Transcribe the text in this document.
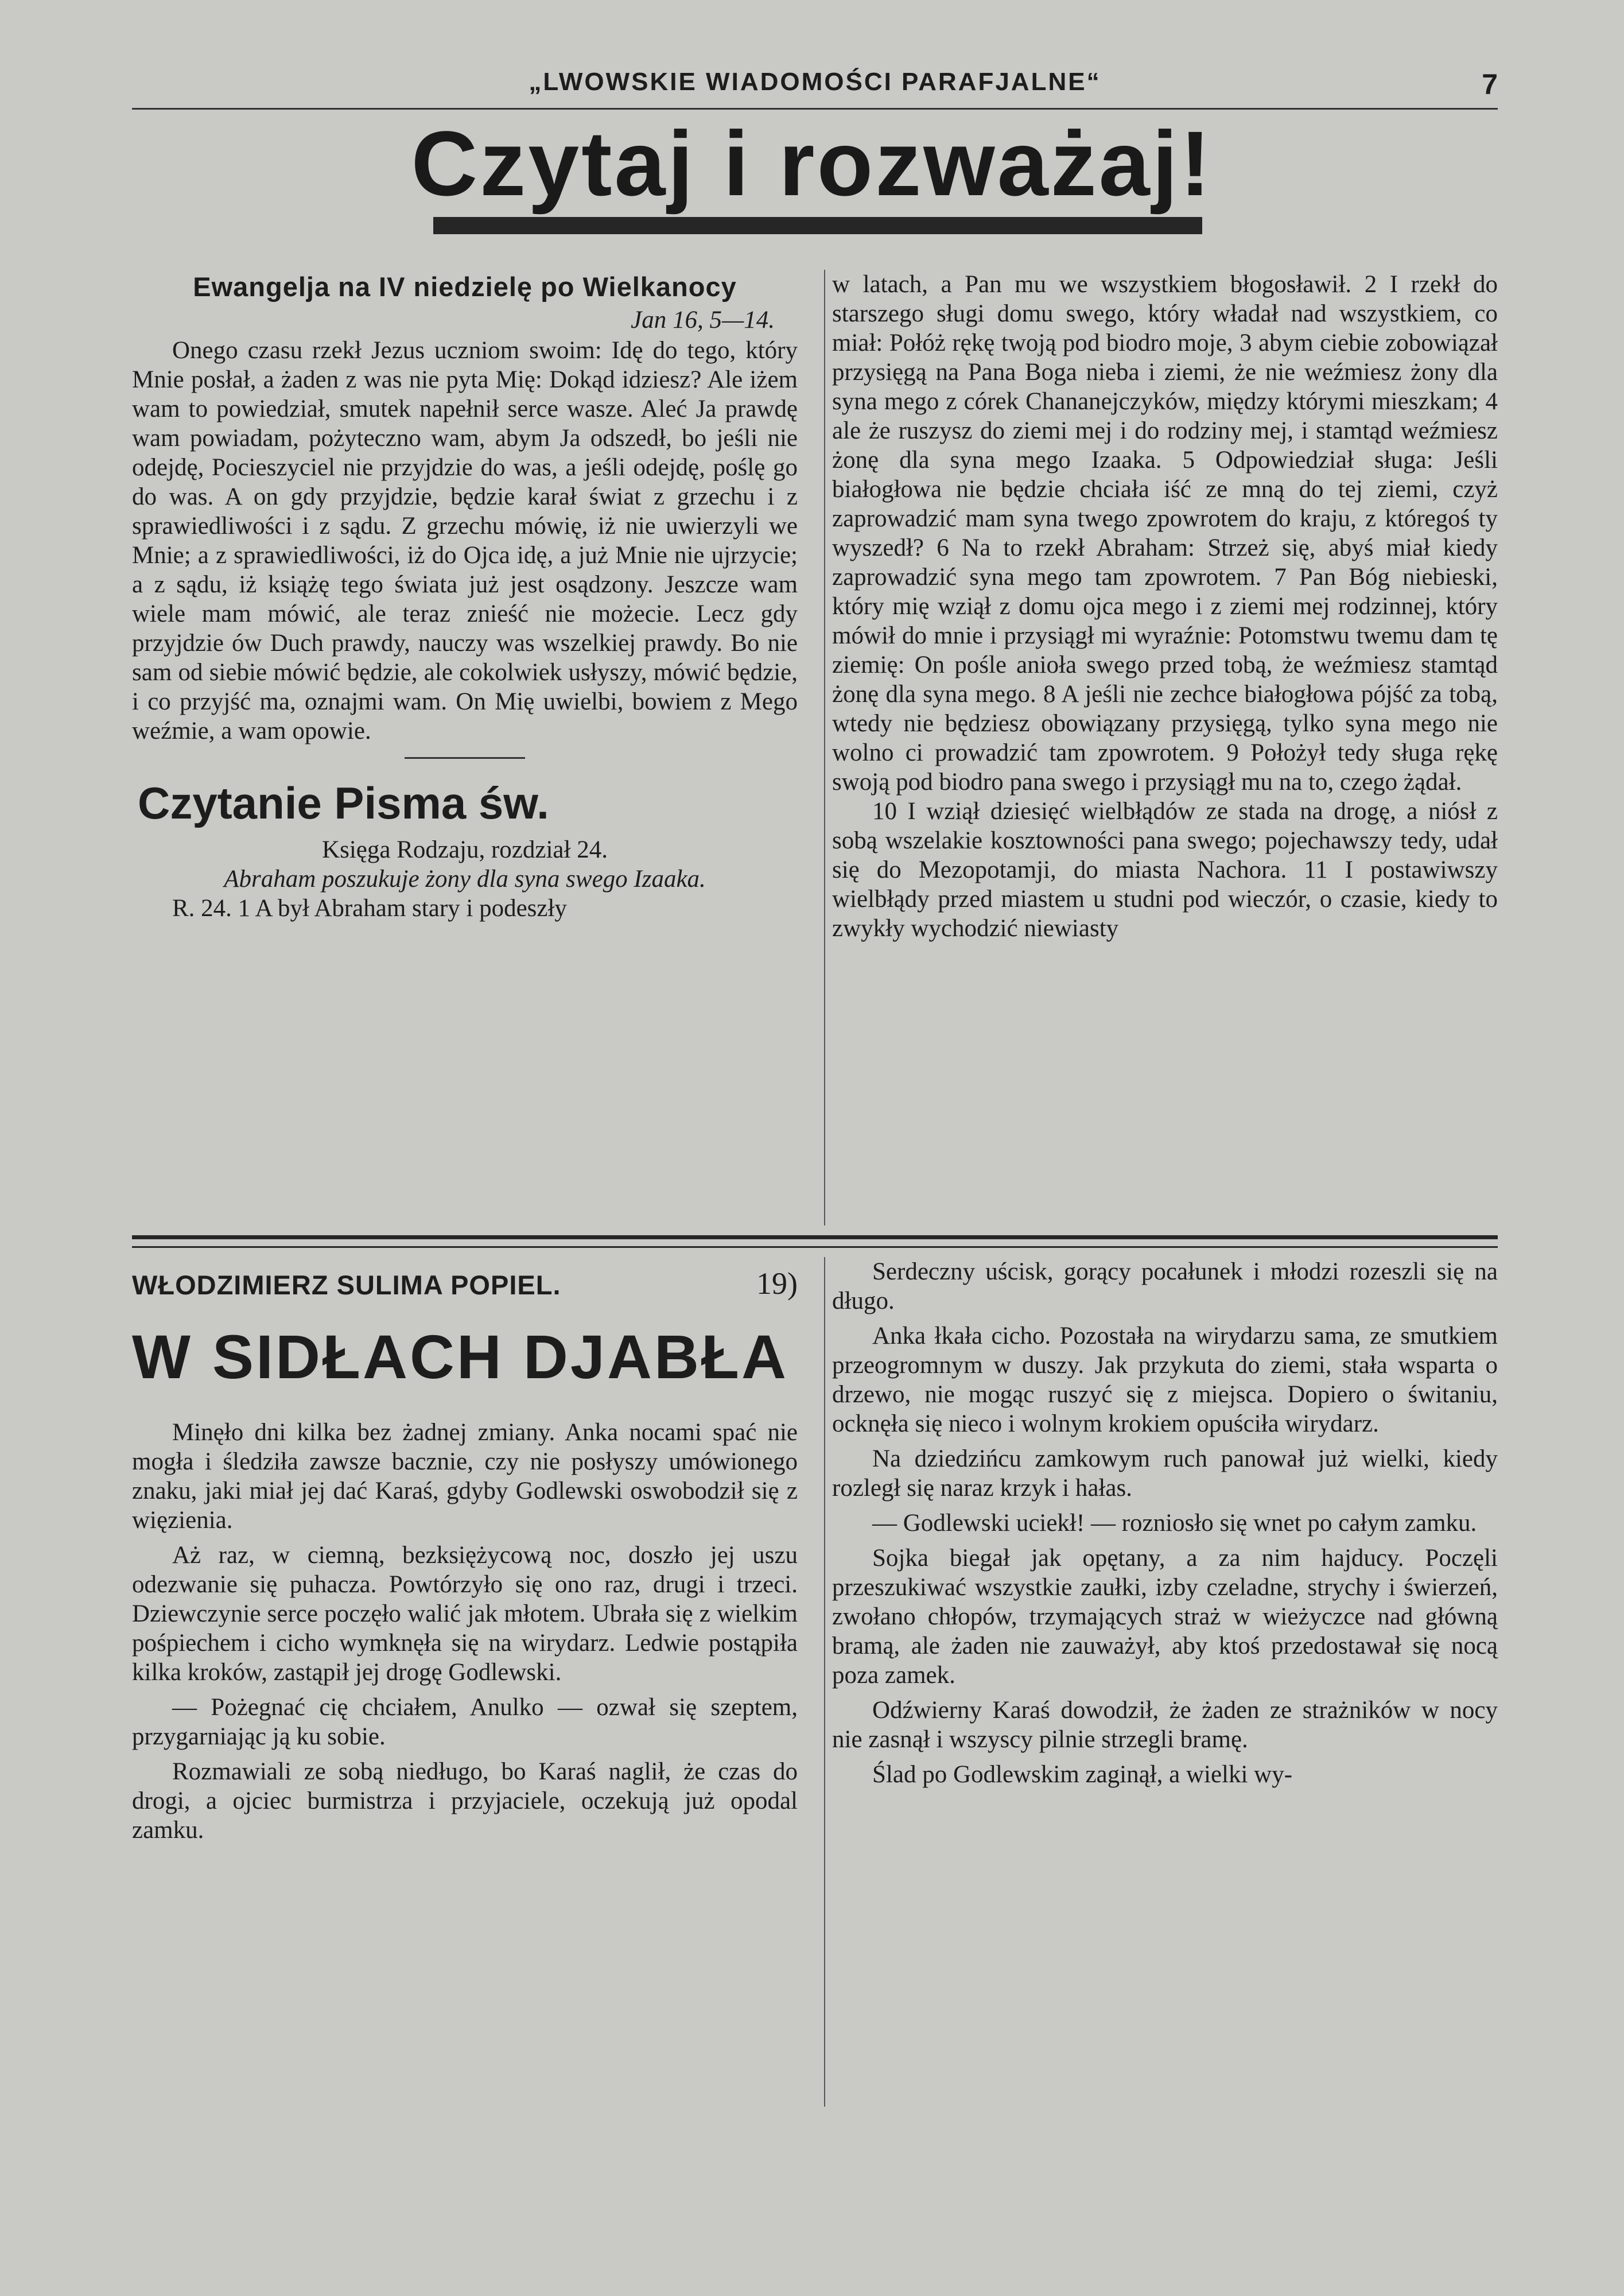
„LWOWSKIE WIADOMOŚCI PARAFJALNE“	7
Czytaj i rozważaj!
Ewangelja na IV niedzielę po Wielkanocy
Jan 16, 5—14.

Onego czasu rzekł Jezus uczniom swoim: Idę do tego, który Mnie posłał, a żaden z was nie pyta Mię: Dokąd idziesz? Ale iżem wam to powiedział, smutek napełnił serce wasze. Aleć Ja prawdę wam powiadam, pożyteczno wam, abym Ja odszedł, bo jeśli nie odejdę, Pocieszyciel nie przyjdzie do was, a jeśli odejdę, poślę go do was. A on gdy przyjdzie, będzie karał świat z grzechu i z sprawiedliwości i z sądu. Z grzechu mówię, iż nie uwierzyli we Mnie; a z sprawiedliwości, iż do Ojca idę, a już Mnie nie ujrzycie; a z sądu, iż książę tego świata już jest osądzony. Jeszcze wam wiele mam mówić, ale teraz znieść nie możecie. Lecz gdy przyjdzie ów Duch prawdy, nauczy was wszelkiej prawdy. Bo nie sam od siebie mówić będzie, ale cokolwiek usłyszy, mówić będzie, i co przyjść ma, oznajmi wam. On Mię uwielbi, bowiem z Mego weźmie, a wam opowie.

Czytanie Pisma św.

Księga Rodzaju, rozdział 24.

Abraham poszukuje żony dla syna swego Izaaka.

R. 24. 1 A był Abraham stary i podeszły

w latach, a Pan mu we wszystkiem błogosławił. 2 I rzekł do starszego sługi domu swego, który władał nad wszystkiem, co miał: Połóż rękę twoją pod biodro moje, 3 abym ciebie zobowiązał przysięgą na Pana Boga nieba i ziemi, że nie weźmiesz żony dla syna mego z córek Chananejczyków, między którymi mieszkam; 4 ale że ruszysz do ziemi mej i do rodziny mej, i stamtąd weźmiesz żonę dla syna mego Izaaka. 5 Odpowiedział sługa: Jeśli białogłowa nie będzie chciała iść ze mną do tej ziemi, czyż zaprowadzić mam syna twego zpowrotem do kraju, z któregoś ty wyszedł? 6 Na to rzekł Abraham: Strzeż się, abyś miał kiedy zaprowadzić syna mego tam zpowrotem. 7 Pan Bóg niebieski, który mię wziął z domu ojca mego i z ziemi mej rodzinnej, który mówił do mnie i przysiągł mi wyraźnie: Potomstwu twemu dam tę ziemię: On pośle anioła swego przed tobą, że weźmiesz stamtąd żonę dla syna mego. 8 A jeśli nie zechce białogłowa pójść za tobą, wtedy nie będziesz obowiązany przysięgą, tylko syna mego nie wolno ci prowadzić tam zpowrotem. 9 Położył tedy sługa rękę swoją pod biodro pana swego i przysiągł mu na to, czego żądał.

10 I wziął dziesięć wielbłądów ze stada na drogę, a niósł z sobą wszelakie kosztowności pana swego; pojechawszy tedy, udał się do Mezopotamji, do miasta Nachora. 11 I postawiwszy wielbłądy przed miastem u studni pod wieczór, o czasie, kiedy to zwykły wychodzić niewiasty

WŁODZIMIERZ SULIMA POPIEL.	19)
W SIDŁACH DJABŁA

Minęło dni kilka bez żadnej zmiany. Anka nocami spać nie mogła i śledziła zawsze bacznie, czy nie posłyszy umówionego znaku, jaki miał jej dać Karaś, gdyby Godlewski oswobodził się z więzienia.

Aż raz, w ciemną, bezksiężycową noc, doszło jej uszu odezwanie się puhacza. Powtórzyło się ono raz, drugi i trzeci. Dziewczynie serce poczęło walić jak młotem. Ubrała się z wielkim pośpiechem i cicho wymknęła się na wirydarz. Ledwie postąpiła kilka kroków, zastąpił jej drogę Godlewski.

— Pożegnać cię chciałem, Anulko — ozwał się szeptem, przygarniając ją ku sobie.

Rozmawiali ze sobą niedługo, bo Karaś naglił, że czas do drogi, a ojciec burmistrza i przyjaciele, oczekują już opodal zamku.

Serdeczny uścisk, gorący pocałunek i młodzi rozeszli się na długo.

Anka łkała cicho. Pozostała na wirydarzu sama, ze smutkiem przeogromnym w duszy. Jak przykuta do ziemi, stała wsparta o drzewo, nie mogąc ruszyć się z miejsca. Dopiero o świtaniu, ocknęła się nieco i wolnym krokiem opuściła wirydarz.

Na dziedzińcu zamkowym ruch panował już wielki, kiedy rozległ się naraz krzyk i hałas.

— Godlewski uciekł! — rozniosło się wnet po całym zamku.

Sojka biegał jak opętany, a za nim hajducy. Poczęli przeszukiwać wszystkie zaułki, izby czeladne, strychy i świerzeń, zwołano chłopów, trzymających straż w wieżyczce nad główną bramą, ale żaden nie zauważył, aby ktoś przedostawał się nocą poza zamek.

Odźwierny Karaś dowodził, że żaden ze strażników w nocy nie zasnął i wszyscy pilnie strzegli bramę.

Ślad po Godlewskim zaginął, a wielki wy-
